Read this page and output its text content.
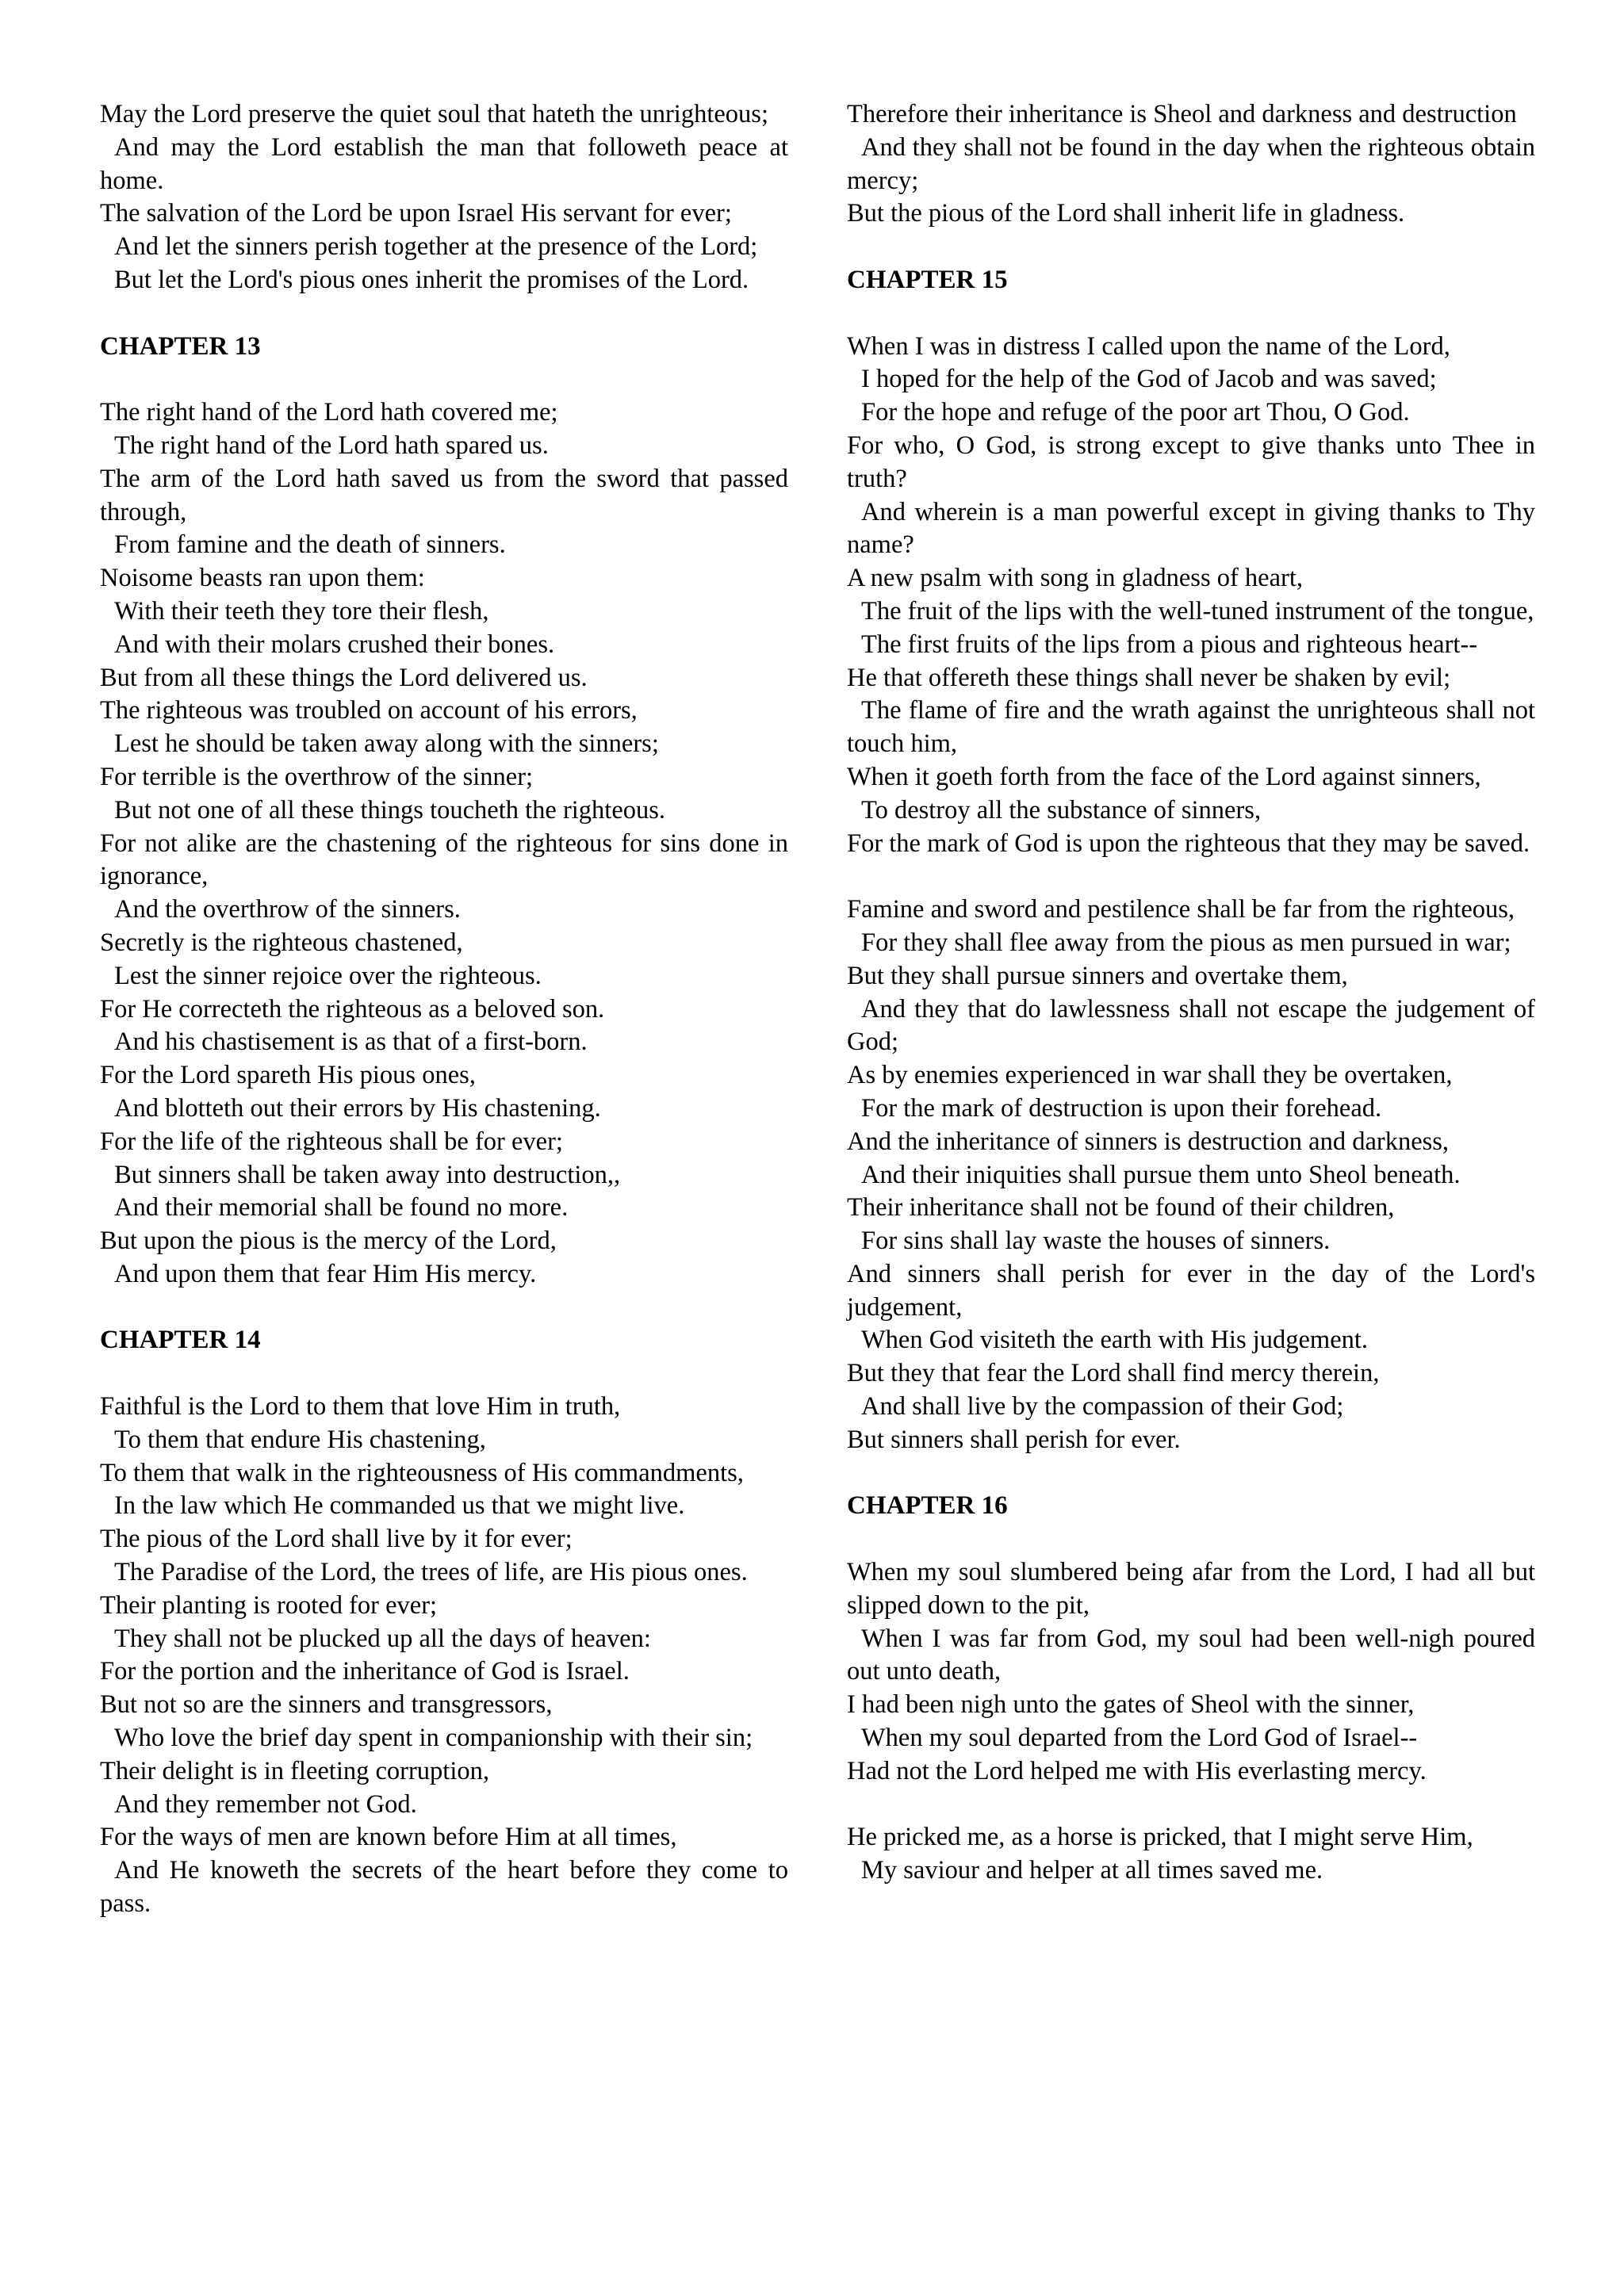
May the Lord preserve the quiet soul that hateth the unrighteous;

And may the Lord establish the man that followeth peace at home.

The salvation of the Lord be upon Israel His servant for ever;

And let the sinners perish together at the presence of the Lord;

But let the Lord's pious ones inherit the promises of the Lord.

CHAPTER 13

The right hand of the Lord hath covered me;

The right hand of the Lord hath spared us.

The arm of the Lord hath saved us from the sword that passed through,

From famine and the death of sinners.

Noisome beasts ran upon them:

With their teeth they tore their flesh,

And with their molars crushed their bones.

But from all these things the Lord delivered us.

The righteous was troubled on account of his errors,

Lest he should be taken away along with the sinners;

For terrible is the overthrow of the sinner;

But not one of all these things toucheth the righteous.

For not alike are the chastening of the righteous for sins done in ignorance,

And the overthrow of the sinners.

Secretly is the righteous chastened,

Lest the sinner rejoice over the righteous.

For He correcteth the righteous as a beloved son.

And his chastisement is as that of a first-born.

For the Lord spareth His pious ones,

And blotteth out their errors by His chastening.

For the life of the righteous shall be for ever;

But sinners shall be taken away into destruction,,

And their memorial shall be found no more.

But upon the pious is the mercy of the Lord,

And upon them that fear Him His mercy.

CHAPTER 14

Faithful is the Lord to them that love Him in truth,

To them that endure His chastening,

To them that walk in the righteousness of His commandments,

In the law which He commanded us that we might live.

The pious of the Lord shall live by it for ever;

The Paradise of the Lord, the trees of life, are His pious ones.

Their planting is rooted for ever;

They shall not be plucked up all the days of heaven:

For the portion and the inheritance of God is Israel.

But not so are the sinners and transgressors,

Who love the brief day spent in companionship with their sin;

Their delight is in fleeting corruption,

And they remember not God.

For the ways of men are known before Him at all times,

And He knoweth the secrets of the heart before they come to pass.

Therefore their inheritance is Sheol and darkness and destruction

And they shall not be found in the day when the righteous obtain mercy;

But the pious of the Lord shall inherit life in gladness.

CHAPTER 15

When I was in distress I called upon the name of the Lord,

I hoped for the help of the God of Jacob and was saved;

For the hope and refuge of the poor art Thou, O God.

For who, O God, is strong except to give thanks unto Thee in truth?

And wherein is a man powerful except in giving thanks to Thy name?

A new psalm with song in gladness of heart,

The fruit of the lips with the well-tuned instrument of the tongue,

The first fruits of the lips from a pious and righteous heart--

He that offereth these things shall never be shaken by evil;

The flame of fire and the wrath against the unrighteous shall not touch him,

When it goeth forth from the face of the Lord against sinners,

To destroy all the substance of sinners,

For the mark of God is upon the righteous that they may be saved.

Famine and sword and pestilence shall be far from the righteous,

For they shall flee away from the pious as men pursued in war;

But they shall pursue sinners and overtake them,

And they that do lawlessness shall not escape the judgement of God;

As by enemies experienced in war shall they be overtaken,

For the mark of destruction is upon their forehead.

And the inheritance of sinners is destruction and darkness,

And their iniquities shall pursue them unto Sheol beneath.

Their inheritance shall not be found of their children,

For sins shall lay waste the houses of sinners.

And sinners shall perish for ever in the day of the Lord's judgement,

When God visiteth the earth with His judgement.

But they that fear the Lord shall find mercy therein,

And shall live by the compassion of their God;

But sinners shall perish for ever.

CHAPTER 16

When my soul slumbered being afar from the Lord, I had all but slipped down to the pit,

When I was far from God, my soul had been well-nigh poured out unto death,

I had been nigh unto the gates of Sheol with the sinner,

When my soul departed from the Lord God of Israel--

Had not the Lord helped me with His everlasting mercy.

He pricked me, as a horse is pricked, that I might serve Him,

My saviour and helper at all times saved me.
